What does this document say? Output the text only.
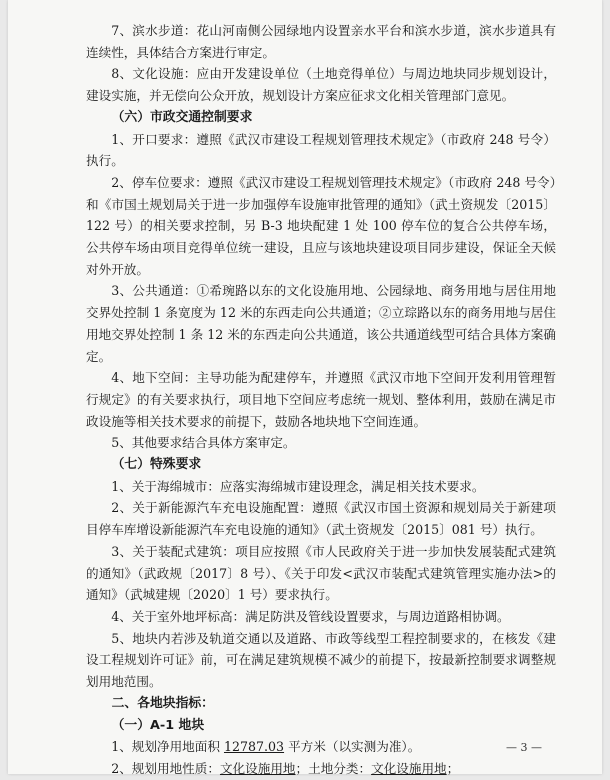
7、滨水步道：花山河南侧公园绿地内设置亲水平台和滨水步道，滨水步道具有连续性，具体结合方案进行审定。

8、文化设施：应由开发建设单位（土地竞得单位）与周边地块同步规划设计，建设实施，并无偿向公众开放，规划设计方案应征求文化相关管理部门意见。

（六）市政交通控制要求

1、开口要求：遵照《武汉市建设工程规划管理技术规定》（市政府 248 号令）执行。

2、停车位要求：遵照《武汉市建设工程规划管理技术规定》（市政府 248 号令）和《市国土规划局关于进一步加强停车设施审批管理的通知》（武土资规发〔2015〕122 号）的相关要求控制，另 B-3 地块配建 1 处 100 停车位的复合公共停车场，公共停车场由项目竞得单位统一建设，且应与该地块建设项目同步建设，保证全天候对外开放。

3、公共通道：①希琬路以东的文化设施用地、公园绿地、商务用地与居住用地交界处控制 1 条宽度为 12 米的东西走向公共通道；②立琮路以东的商务用地与居住用地交界处控制 1 条 12 米的东西走向公共通道，该公共通道线型可结合具体方案确定。

4、地下空间：主导功能为配建停车，并遵照《武汉市地下空间开发利用管理暂行规定》的有关要求执行，项目地下空间应考虑统一规划、整体利用，鼓励在满足市政设施等相关技术要求的前提下，鼓励各地块地下空间连通。

5、其他要求结合具体方案审定。

（七）特殊要求

1、关于海绵城市：应落实海绵城市建设理念，满足相关技术要求。

2、关于新能源汽车充电设施配置：遵照《武汉市国土资源和规划局关于新建项目停车库增设新能源汽车充电设施的通知》（武土资规发〔2015〕081 号）执行。

3、关于装配式建筑：项目应按照《市人民政府关于进一步加快发展装配式建筑的通知》（武政规〔2017〕8 号）、《关于印发<武汉市装配式建筑管理实施办法>的通知》（武城建规〔2020〕1 号）要求执行。

4、关于室外地坪标高：满足防洪及管线设置要求，与周边道路相协调。

5、地块内若涉及轨道交通以及道路、市政等线型工程控制要求的，在核发《建设工程规划许可证》前，可在满足建筑规模不减少的前提下，按最新控制要求调整规划用地范围。

二、各地块指标：

（一）A-1 地块

1、规划净用地面积 12787.03 平方米（以实测为准）。

2、规划用地性质：文化设施用地；土地分类：文化设施用地；

— 3 —
